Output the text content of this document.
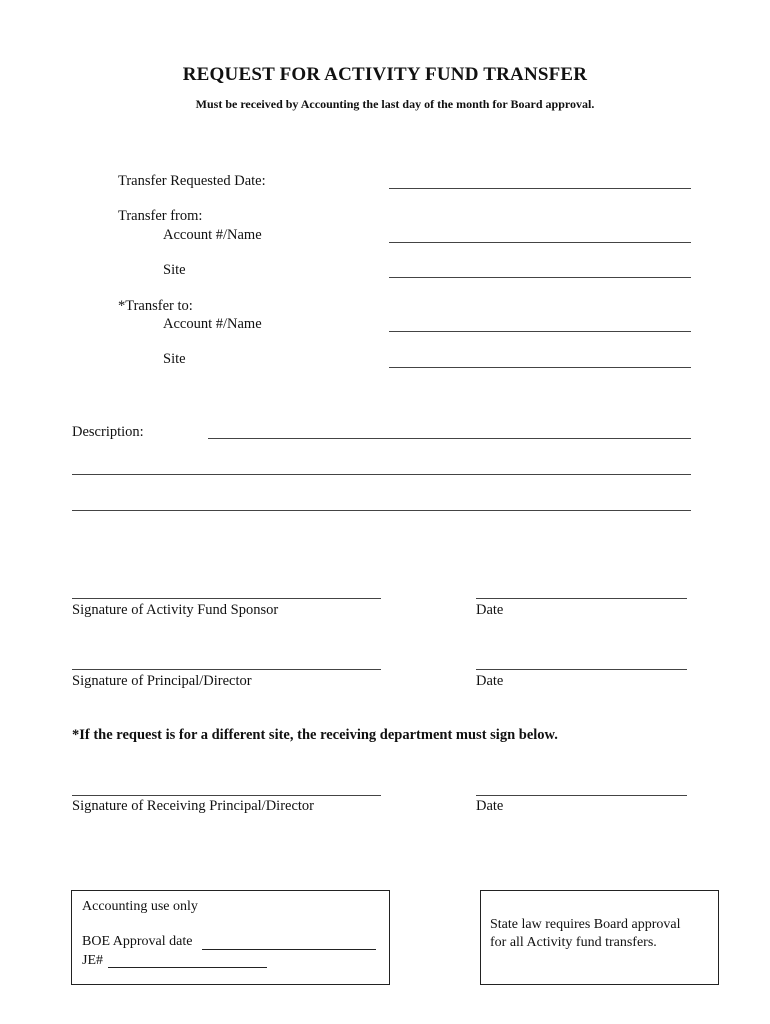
REQUEST FOR ACTIVITY FUND TRANSFER
Must be received by Accounting the last day of the month for Board approval.
Transfer Requested Date:
Transfer from:
Account #/Name
Site
*Transfer to:
Account #/Name
Site
Description:
Signature of Activity Fund Sponsor	Date
Signature of Principal/Director	Date
*If the request is for a different site, the receiving department must sign below.
Signature of Receiving Principal/Director	Date
Accounting use only
BOE Approval date
JE#
State law requires Board approval
for all Activity fund transfers.
